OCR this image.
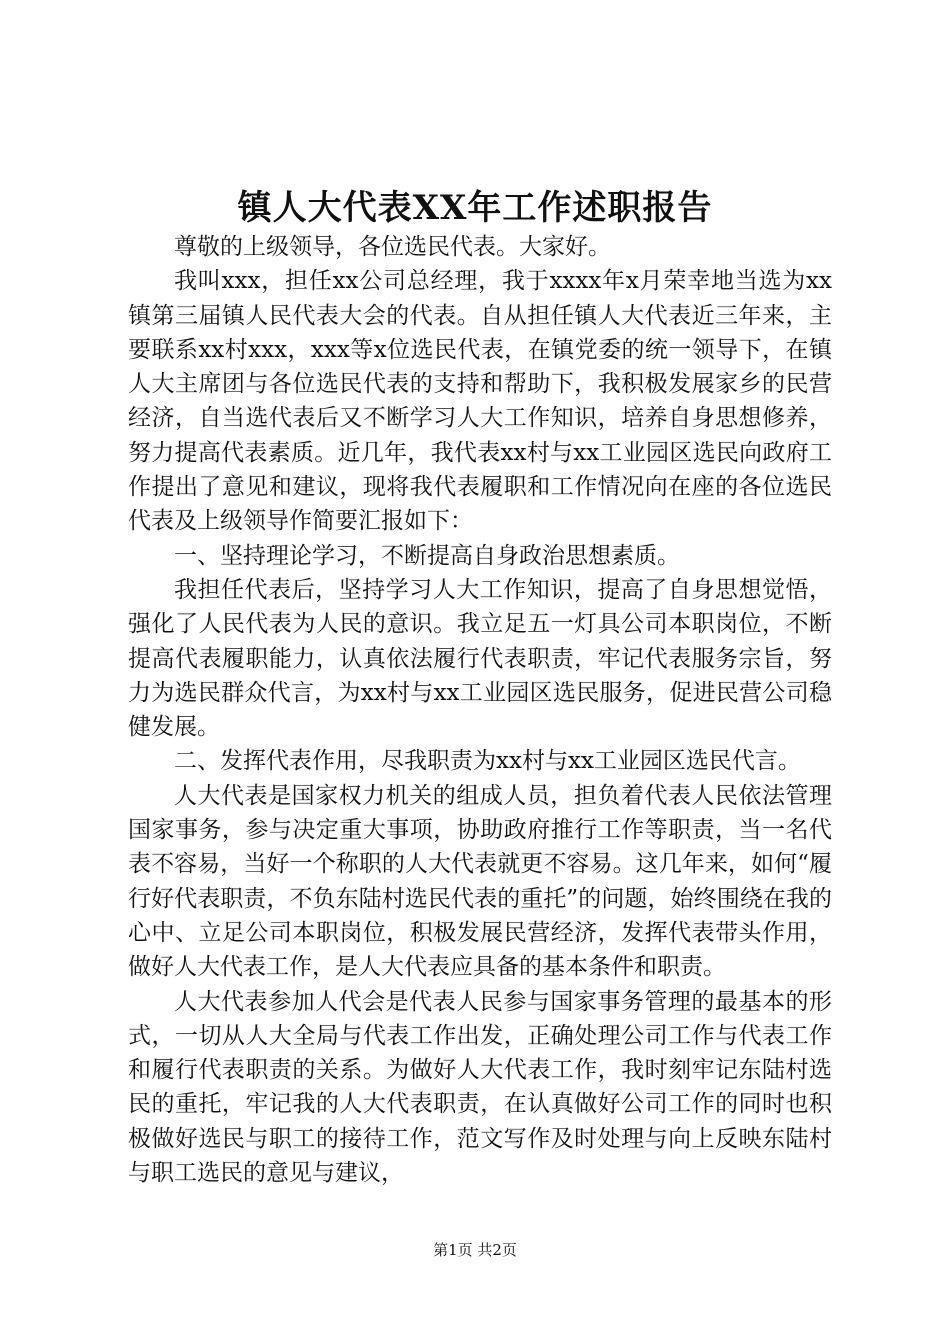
镇人大代表XX年工作述职报告

尊敬的上级领导，各位选民代表。大家好。

我叫xxx，担任xx公司总经理，我于xxxx年x月荣幸地当选为xx镇第三届镇人民代表大会的代表。自从担任镇人大代表近三年来，主要联系xx村xxx，xxx等x位选民代表，在镇党委的统一领导下，在镇人大主席团与各位选民代表的支持和帮助下，我积极发展家乡的民营经济，自当选代表后又不断学习人大工作知识，培养自身思想修养，努力提高代表素质。近几年，我代表xx村与xx工业园区选民向政府工作提出了意见和建议，现将我代表履职和工作情况向在座的各位选民代表及上级领导作简要汇报如下：

一、坚持理论学习，不断提高自身政治思想素质。

我担任代表后，坚持学习人大工作知识，提高了自身思想觉悟，强化了人民代表为人民的意识。我立足五一灯具公司本职岗位，不断提高代表履职能力，认真依法履行代表职责，牢记代表服务宗旨，努力为选民群众代言，为xx村与xx工业园区选民服务，促进民营公司稳健发展。

二、发挥代表作用，尽我职责为xx村与xx工业园区选民代言。

人大代表是国家权力机关的组成人员，担负着代表人民依法管理国家事务，参与决定重大事项，协助政府推行工作等职责，当一名代表不容易，当好一个称职的人大代表就更不容易。这几年来，如何“履行好代表职责，不负东陆村选民代表的重托”的问题，始终围绕在我的心中、立足公司本职岗位，积极发展民营经济，发挥代表带头作用，做好人大代表工作，是人大代表应具备的基本条件和职责。

人大代表参加人代会是代表人民参与国家事务管理的最基本的形式，一切从人大全局与代表工作出发，正确处理公司工作与代表工作和履行代表职责的关系。为做好人大代表工作，我时刻牢记东陆村选民的重托，牢记我的人大代表职责，在认真做好公司工作的同时也积极做好选民与职工的接待工作，范文写作及时处理与向上反映东陆村与职工选民的意见与建议，

第1页 共2页
